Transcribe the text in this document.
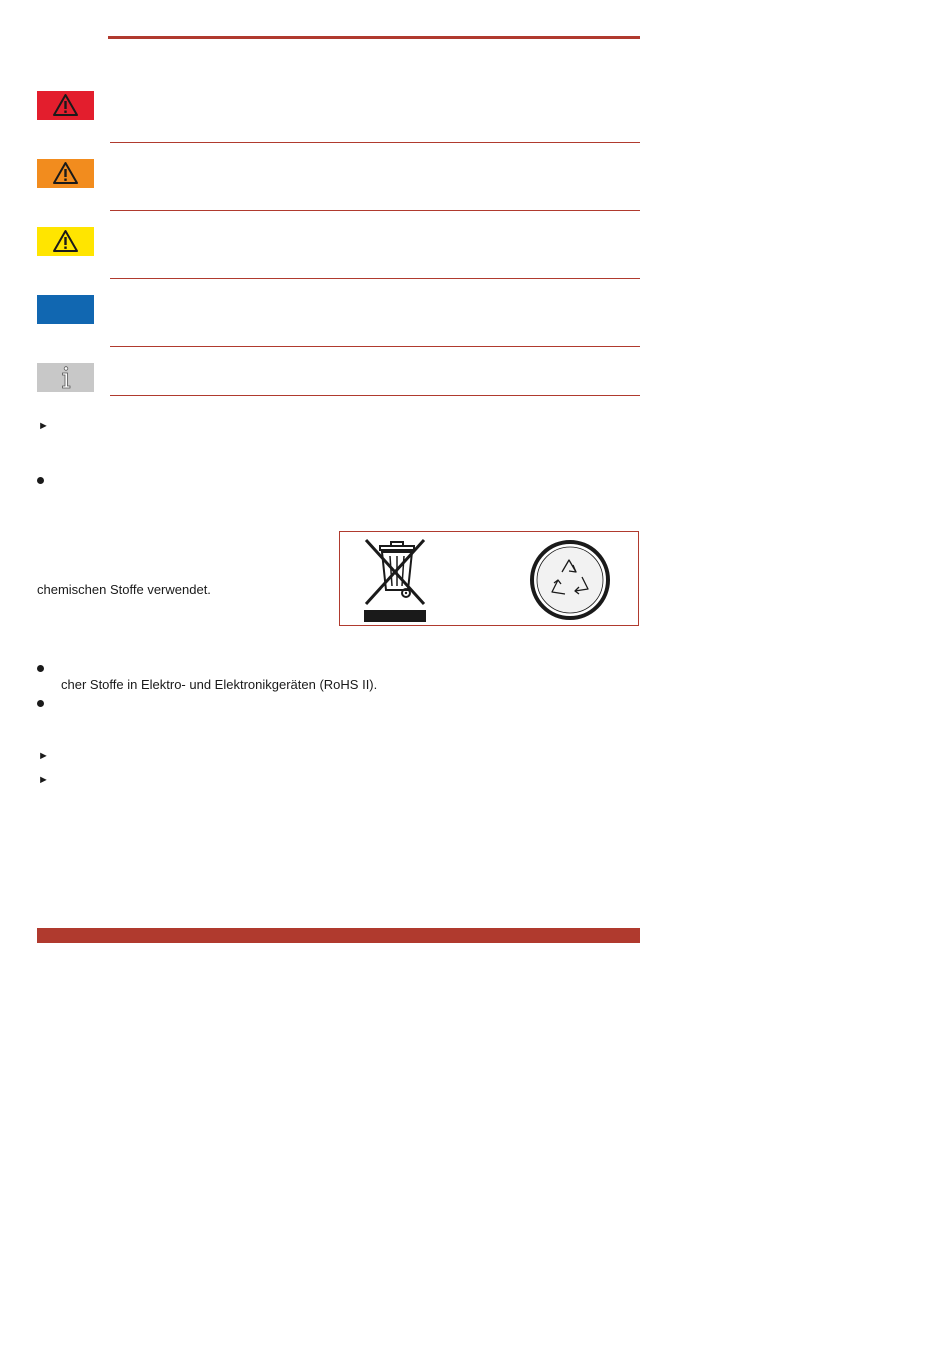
►
chemischen Stoffe verwendet.
cher Stoffe in Elektro- und Elektronikgeräten (RoHS II).
►
►
